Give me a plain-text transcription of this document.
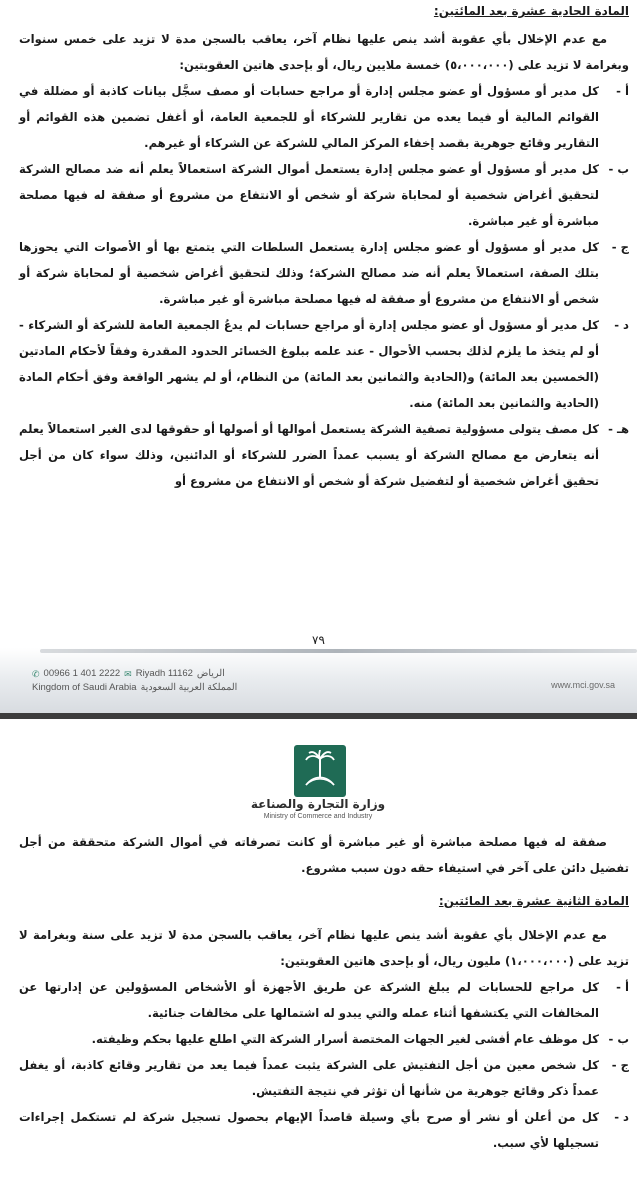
المادة الحادية عشرة بعد المائتين:
مع عدم الإخلال بأي عقوبة أشد ينص عليها نظام آخر، يعاقب بالسجن مدة لا تزيد على خمس سنوات وبغرامة لا تزيد على (٥،٠٠٠،٠٠٠) خمسة ملايين ريال، أو بإحدى هاتين العقوبتين:
أ -
كل مدير أو مسؤول أو عضو مجلس إدارة أو مراجع حسابات أو مصف سجَّل بيانات كاذبة أو مضللة في القوائم المالية أو فيما يعده من تقارير للشركاء أو للجمعية العامة، أو أغفل تضمين هذه القوائم أو التقارير وقائع جوهرية بقصد إخفاء المركز المالي للشركة عن الشركاء أو غيرهم.
ب -
كل مدير أو مسؤول أو عضو مجلس إدارة يستعمل أموال الشركة استعمالاً يعلم أنه ضد مصالح الشركة لتحقيق أغراض شخصية أو لمحاباة شركة أو شخص أو الانتفاع من مشروع أو صفقة له فيها مصلحة مباشرة أو غير مباشرة.
ج -
كل مدير أو مسؤول أو عضو مجلس إدارة يستعمل السلطات التي يتمتع بها أو الأصوات التي يحوزها بتلك الصفة، استعمالاً يعلم أنه ضد مصالح الشركة؛ وذلك لتحقيق أغراض شخصية أو لمحاباة شركة أو شخص أو الانتفاع من مشروع أو صفقة له فيها مصلحة مباشرة أو غير مباشرة.
د -
كل مدير أو مسؤول أو عضو مجلس إدارة أو مراجع حسابات لم يدعُ الجمعية العامة للشركة أو الشركاء - أو لم يتخذ ما يلزم لذلك بحسب الأحوال - عند علمه ببلوغ الخسائر الحدود المقدرة وفقاً لأحكام المادتين (الخمسين بعد المائة) و(الحادية والثمانين بعد المائة) من النظام، أو لم يشهر الواقعة وفق أحكام المادة (الحادية والثمانين بعد المائة) منه.
هـ -
كل مصف يتولى مسؤولية تصفية الشركة يستعمل أموالها أو أصولها أو حقوقها لدى الغير استعمالاً يعلم أنه يتعارض مع مصالح الشركة أو يسبب عمداً الضرر للشركاء أو الدائنين، وذلك سواء كان من أجل تحقيق أغراض شخصية أو لتفضيل شركة أو شخص أو الانتفاع من مشروع أو
٧٩
✆ 00966 1 401 2222 ✉ Riyadh 11162 الرياض
Kingdom of Saudi Arabia المملكة العربية السعودية	www.mci.gov.sa
وزارة التجارة والصناعة
Ministry of Commerce and Industry
صفقة له فيها مصلحة مباشرة أو غير مباشرة أو كانت تصرفاته في أموال الشركة متحققة من أجل تفضيل دائن على آخر في استيفاء حقه دون سبب مشروع.
المادة الثانية عشرة بعد المائتين:
مع عدم الإخلال بأي عقوبة أشد ينص عليها نظام آخر، يعاقب بالسجن مدة لا تزيد على سنة وبغرامة لا تزيد على (١،٠٠٠،٠٠٠) مليون ريال، أو بإحدى هاتين العقوبتين:
أ -
كل مراجع للحسابات لم يبلغ الشركة عن طريق الأجهزة أو الأشخاص المسؤولين عن إدارتها عن المخالفات التي يكتشفها أثناء عمله والتي يبدو له اشتمالها على مخالفات جنائية.
ب -
كل موظف عام أفشى لغير الجهات المختصة أسرار الشركة التي اطلع عليها بحكم وظيفته.
ج -
كل شخص معين من أجل التفتيش على الشركة يثبت عمداً فيما يعد من تقارير وقائع كاذبة، أو يغفل عمداً ذكر وقائع جوهرية من شأنها أن تؤثر في نتيجة التفتيش.
د -
كل من أعلن أو نشر أو صرح بأي وسيلة قاصداً الإيهام بحصول تسجيل شركة لم تستكمل إجراءات تسجيلها لأي سبب.
